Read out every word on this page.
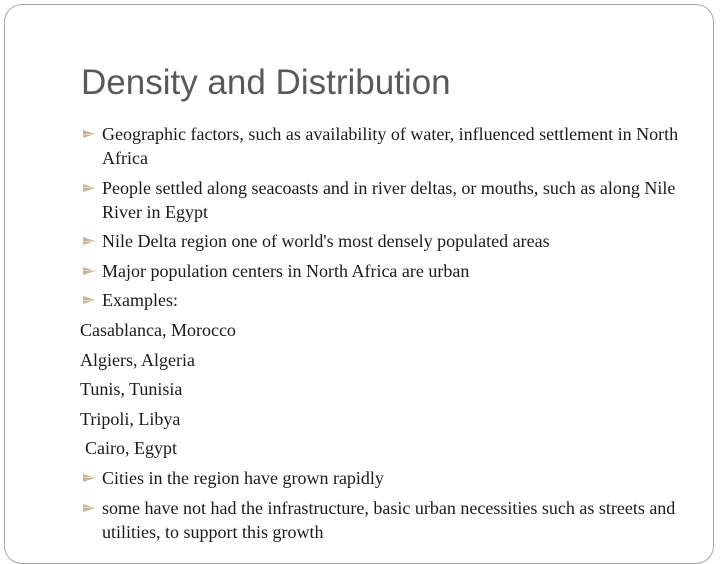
Density and Distribution
Geographic factors, such as availability of water, influenced settlement in North Africa
People settled along seacoasts and in river deltas, or mouths, such as along Nile River in Egypt
Nile Delta region one of world's most densely populated areas
Major population centers in North Africa are urban
Examples:
Casablanca, Morocco
Algiers, Algeria
Tunis, Tunisia
Tripoli, Libya
Cairo, Egypt
Cities in the region have grown rapidly
some have not had the infrastructure, basic urban necessities such as streets and utilities, to support this growth
